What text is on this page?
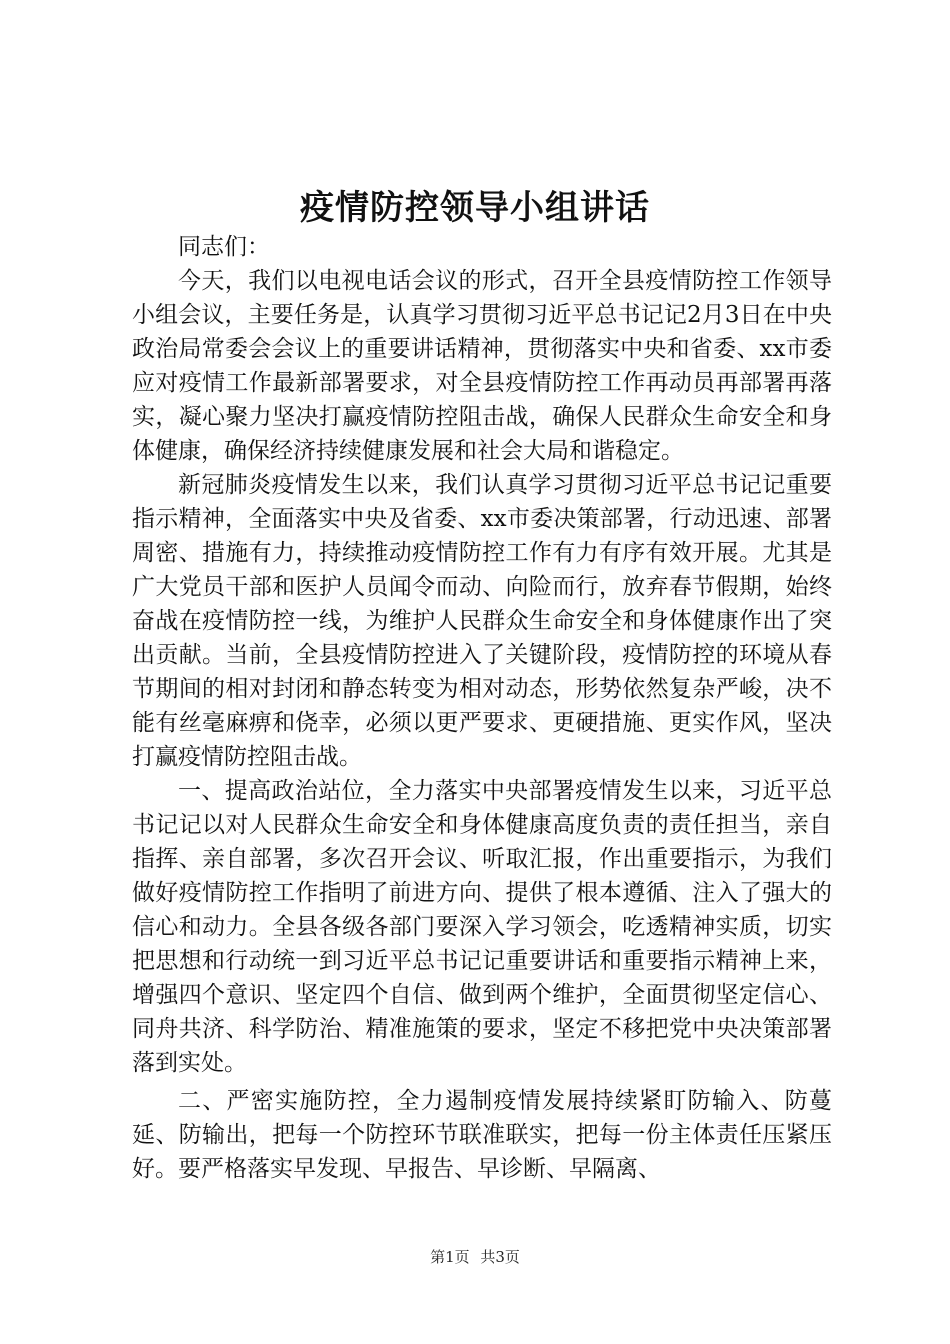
疫情防控领导小组讲话

同志们：

今天，我们以电视电话会议的形式，召开全县疫情防控工作领导小组会议，主要任务是，认真学习贯彻习近平总书记记2月3日在中央政治局常委会会议上的重要讲话精神，贯彻落实中央和省委、xx市委应对疫情工作最新部署要求，对全县疫情防控工作再动员再部署再落实，凝心聚力坚决打赢疫情防控阻击战，确保人民群众生命安全和身体健康，确保经济持续健康发展和社会大局和谐稳定。

新冠肺炎疫情发生以来，我们认真学习贯彻习近平总书记记重要指示精神，全面落实中央及省委、xx市委决策部署，行动迅速、部署周密、措施有力，持续推动疫情防控工作有力有序有效开展。尤其是广大党员干部和医护人员闻令而动、向险而行，放弃春节假期，始终奋战在疫情防控一线，为维护人民群众生命安全和身体健康作出了突出贡献。当前，全县疫情防控进入了关键阶段，疫情防控的环境从春节期间的相对封闭和静态转变为相对动态，形势依然复杂严峻，决不能有丝毫麻痹和侥幸，必须以更严要求、更硬措施、更实作风，坚决打赢疫情防控阻击战。

一、提高政治站位，全力落实中央部署疫情发生以来，习近平总书记记以对人民群众生命安全和身体健康高度负责的责任担当，亲自指挥、亲自部署，多次召开会议、听取汇报，作出重要指示，为我们做好疫情防控工作指明了前进方向、提供了根本遵循、注入了强大的信心和动力。全县各级各部门要深入学习领会，吃透精神实质，切实把思想和行动统一到习近平总书记记重要讲话和重要指示精神上来，增强四个意识、坚定四个自信、做到两个维护，全面贯彻坚定信心、同舟共济、科学防治、精准施策的要求，坚定不移把党中央决策部署落到实处。

二、严密实施防控，全力遏制疫情发展持续紧盯防输入、防蔓延、防输出，把每一个防控环节联准联实，把每一份主体责任压紧压好。要严格落实早发现、早报告、早诊断、早隔离、

第1页 共3页
